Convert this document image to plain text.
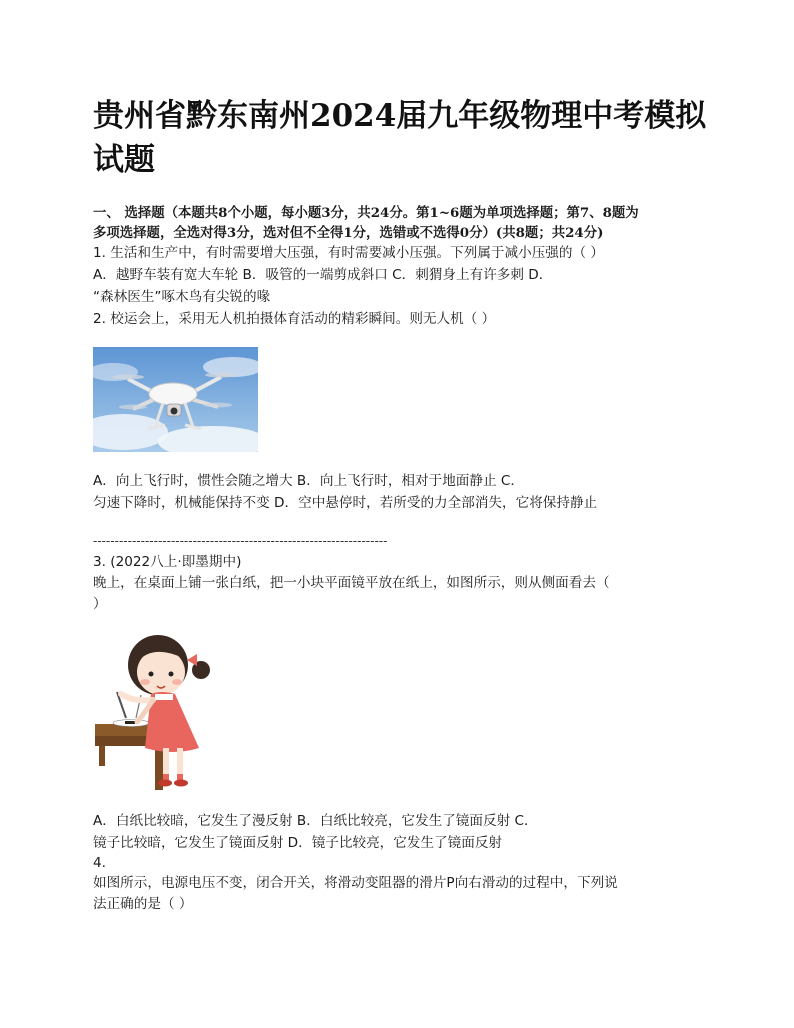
贵州省黔东南州2024届九年级物理中考模拟
试题
一、 选择题（本题共8个小题，每小题3分，共24分。第1~6题为单项选择题；第7、8题为
多项选择题，全选对得3分，选对但不全得1分，选错或不选得0分）(共8题；共24分)
1. 生活和生产中，有时需要增大压强，有时需要减小压强。下列属于减小压强的（ ）
A．越野车装有宽大车轮 B．吸管的一端剪成斜口 C．刺猬身上有许多刺 D．
“森林医生”啄木鸟有尖锐的喙
2. 校运会上，采用无人机拍摄体育活动的精彩瞬间。则无人机（ ）
A．向上飞行时，惯性会随之增大 B．向上飞行时，相对于地面静止 C．
匀速下降时，机械能保持不变 D．空中悬停时，若所受的力全部消失，它将保持静止
--------------------------------------------------------------------
3. (2022八上·即墨期中)
晚上，在桌面上铺一张白纸，把一小块平面镜平放在纸上，如图所示，则从侧面看去（
）
A．白纸比较暗，它发生了漫反射 B．白纸比较亮，它发生了镜面反射 C．
镜子比较暗，它发生了镜面反射 D．镜子比较亮，它发生了镜面反射
4.
如图所示，电源电压不变，闭合开关，将滑动变阻器的滑片P向右滑动的过程中，下列说
法正确的是（ ）
